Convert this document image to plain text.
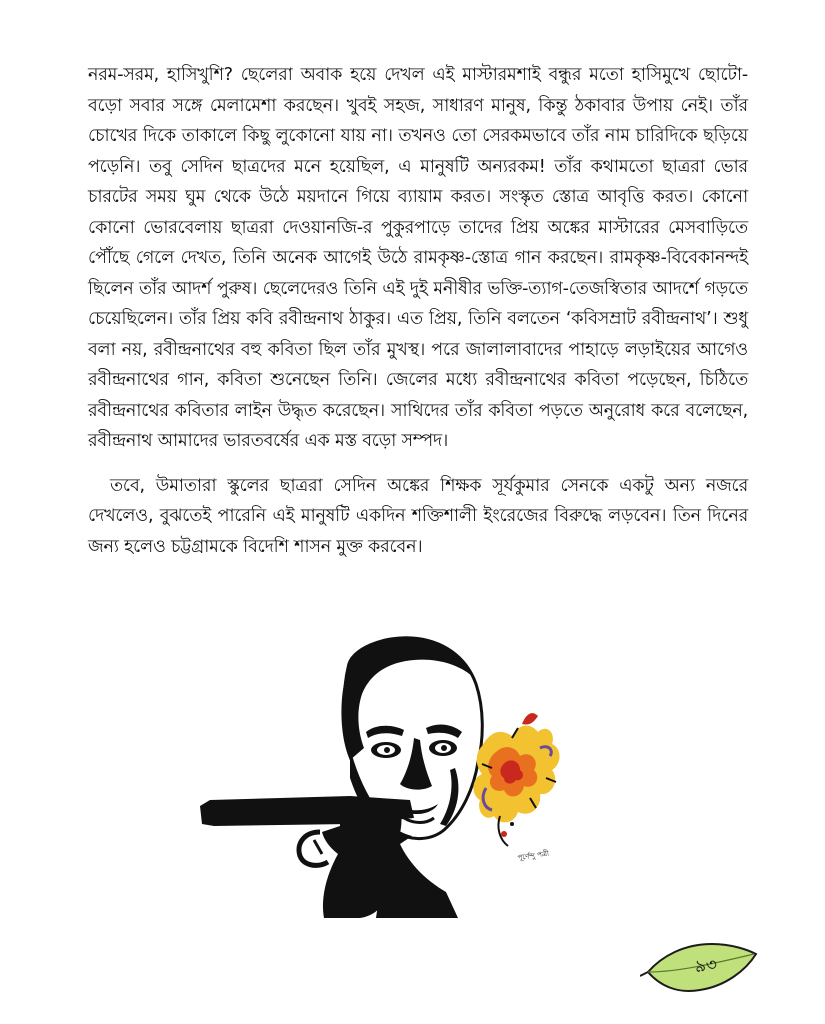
নরম-সরম, হাসিখুশি? ছেলেরা অবাক হয়ে দেখল এই মাস্টারমশাই বন্ধুর মতো হাসিমুখে ছোটো-বড়ো সবার সঙ্গে মেলামেশা করছেন। খুবই সহজ, সাধারণ মানুষ, কিন্তু ঠকাবার উপায় নেই। তাঁর চোখের দিকে তাকালে কিছু লুকোনো যায় না। তখনও তো সেরকমভাবে তাঁর নাম চারিদিকে ছড়িয়ে পড়েনি। তবু সেদিন ছাত্রদের মনে হয়েছিল, এ মানুষটি অন্যরকম! তাঁর কথামতো ছাত্ররা ভোর চারটের সময় ঘুম থেকে উঠে ময়দানে গিয়ে ব্যায়াম করত। সংস্কৃত স্তোত্র আবৃত্তি করত। কোনো কোনো ভোরবেলায় ছাত্ররা দেওয়ানজি-র পুকুরপাড়ে তাদের প্রিয় অঙ্কের মাস্টারের মেসবাড়িতে পৌঁছে গেলে দেখত, তিনি অনেক আগেই উঠে রামকৃষ্ণ-স্তোত্র গান করছেন। রামকৃষ্ণ-বিবেকানন্দই ছিলেন তাঁর আদর্শ পুরুষ। ছেলেদেরও তিনি এই দুই মনীষীর ভক্তি-ত্যাগ-তেজস্বিতার আদর্শে গড়তে চেয়েছিলেন। তাঁর প্রিয় কবি রবীন্দ্রনাথ ঠাকুর। এত প্রিয়, তিনি বলতেন ‘কবিসম্রাট রবীন্দ্রনাথ’। শুধু বলা নয়, রবীন্দ্রনাথের বহু কবিতা ছিল তাঁর মুখস্থ। পরে জালালাবাদের পাহাড়ে লড়াইয়ের আগেও রবীন্দ্রনাথের গান, কবিতা শুনেছেন তিনি। জেলের মধ্যে রবীন্দ্রনাথের কবিতা পড়েছেন, চিঠিতে রবীন্দ্রনাথের কবিতার লাইন উদ্ধৃত করেছেন। সাথিদের তাঁর কবিতা পড়তে অনুরোধ করে বলেছেন, রবীন্দ্রনাথ আমাদের ভারতবর্ষের এক মস্ত বড়ো সম্পদ।

তবে, উমাতারা স্কুলের ছাত্ররা সেদিন অঙ্কের শিক্ষক সূর্যকুমার সেনকে একটু অন্য নজরে দেখলেও, বুঝতেই পারেনি এই মানুষটি একদিন শক্তিশালী ইংরেজের বিরুদ্ধে লড়বেন। তিন দিনের জন্য হলেও চট্টগ্রামকে বিদেশি শাসন মুক্ত করবেন।

পূর্ণেন্দু পত্রী
৯৩
